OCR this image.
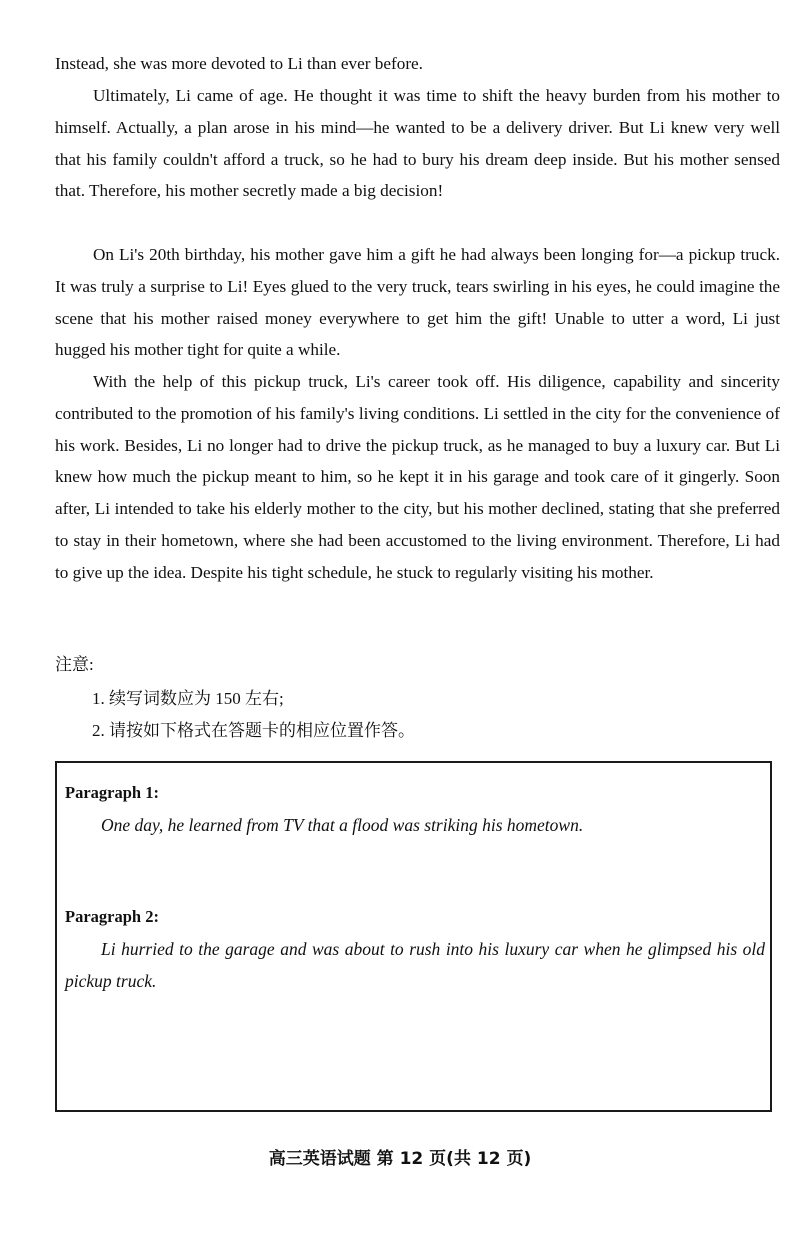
Instead, she was more devoted to Li than ever before.

Ultimately, Li came of age. He thought it was time to shift the heavy burden from his mother to himself. Actually, a plan arose in his mind—he wanted to be a delivery driver. But Li knew very well that his family couldn't afford a truck, so he had to bury his dream deep inside. But his mother sensed that. Therefore, his mother secretly made a big decision!

On Li's 20th birthday, his mother gave him a gift he had always been longing for—a pickup truck. It was truly a surprise to Li! Eyes glued to the very truck, tears swirling in his eyes, he could imagine the scene that his mother raised money everywhere to get him the gift! Unable to utter a word, Li just hugged his mother tight for quite a while.

With the help of this pickup truck, Li's career took off. His diligence, capability and sincerity contributed to the promotion of his family's living conditions. Li settled in the city for the convenience of his work. Besides, Li no longer had to drive the pickup truck, as he managed to buy a luxury car. But Li knew how much the pickup meant to him, so he kept it in his garage and took care of it gingerly. Soon after, Li intended to take his elderly mother to the city, but his mother declined, stating that she preferred to stay in their hometown, where she had been accustomed to the living environment. Therefore, Li had to give up the idea. Despite his tight schedule, he stuck to regularly visiting his mother.

注意:

1. 续写词数应为 150 左右;

2. 请按如下格式在答题卡的相应位置作答。

Paragraph 1:

One day, he learned from TV that a flood was striking his hometown.

Paragraph 2:

Li hurried to the garage and was about to rush into his luxury car when he glimpsed his old pickup truck.

高三英语试题 第 12 页(共 12 页)
